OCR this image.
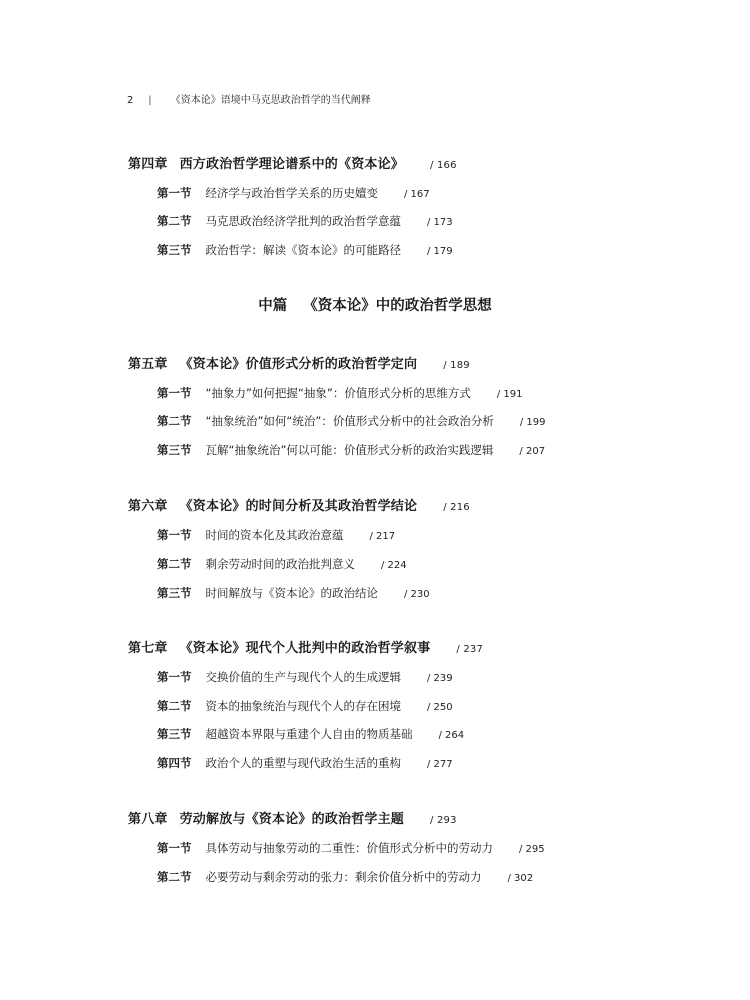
2 | 《资本论》语境中马克思政治哲学的当代阐释
第四章 西方政治哲学理论谱系中的《资本论》	/ 166
第一节 经济学与政治哲学关系的历史嬗变	/ 167
第二节 马克思政治经济学批判的政治哲学意蕴	/ 173
第三节 政治哲学：解读《资本论》的可能路径	/ 179
中篇 《资本论》中的政治哲学思想
第五章 《资本论》价值形式分析的政治哲学定向	/ 189
第一节 “抽象力”如何把握“抽象”：价值形式分析的思维方式	/ 191
第二节 “抽象统治”如何“统治”：价值形式分析中的社会政治分析	/ 199
第三节 瓦解“抽象统治”何以可能：价值形式分析的政治实践逻辑	/ 207
第六章 《资本论》的时间分析及其政治哲学结论	/ 216
第一节 时间的资本化及其政治意蕴	/ 217
第二节 剩余劳动时间的政治批判意义	/ 224
第三节 时间解放与《资本论》的政治结论	/ 230
第七章 《资本论》现代个人批判中的政治哲学叙事	/ 237
第一节 交换价值的生产与现代个人的生成逻辑	/ 239
第二节 资本的抽象统治与现代个人的存在困境	/ 250
第三节 超越资本界限与重建个人自由的物质基础	/ 264
第四节 政治个人的重塑与现代政治生活的重构	/ 277
第八章 劳动解放与《资本论》的政治哲学主题	/ 293
第一节 具体劳动与抽象劳动的二重性：价值形式分析中的劳动力	/ 295
第二节 必要劳动与剩余劳动的张力：剩余价值分析中的劳动力	/ 302
